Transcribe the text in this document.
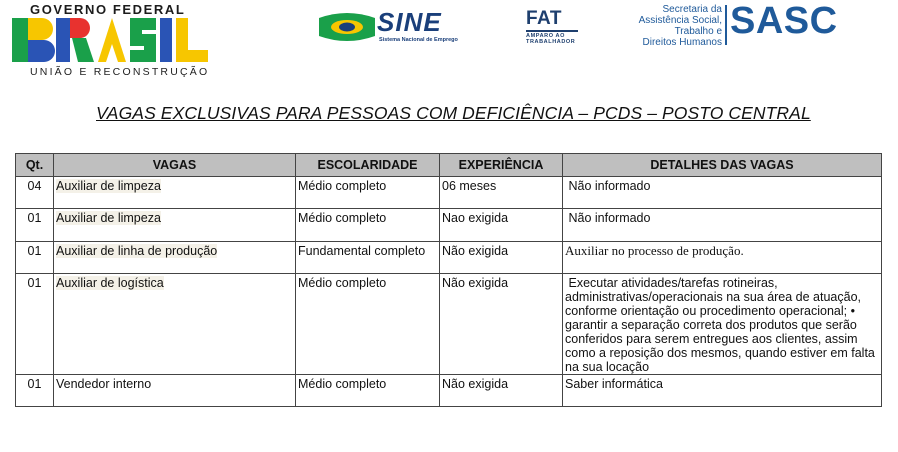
GOVERNO FEDERAL
UNIÃO E RECONSTRUÇÃO
SINE
Sistema Nacional de Emprego
FAT
AMPARO AO
TRABALHADOR
Secretaria da
Assistência Social,
Trabalho e
Direitos Humanos
SASC
VAGAS EXCLUSIVAS PARA PESSOAS COM DEFICIÊNCIA – PCDS – POSTO CENTRAL
Qt.	VAGAS	ESCOLARIDADE	EXPERIÊNCIA	DETALHES DAS VAGAS
04	Auxiliar de limpeza	Médio completo	06 meses	Não informado
01	Auxiliar de limpeza	Médio completo	Nao exigida	Não informado
01	Auxiliar de linha de produção	Fundamental completo	Não exigida	Auxiliar no processo de produção.
01	Auxiliar de logística	Médio completo	Não exigida	Executar atividades/tarefas rotineiras, administrativas/operacionais na sua área de atuação, conforme orientação ou procedimento operacional; • garantir a separação correta dos produtos que serão conferidos para serem entregues aos clientes, assim como a reposição dos mesmos, quando estiver em falta na sua locação
01	Vendedor interno	Médio completo	Não exigida	Saber informática
